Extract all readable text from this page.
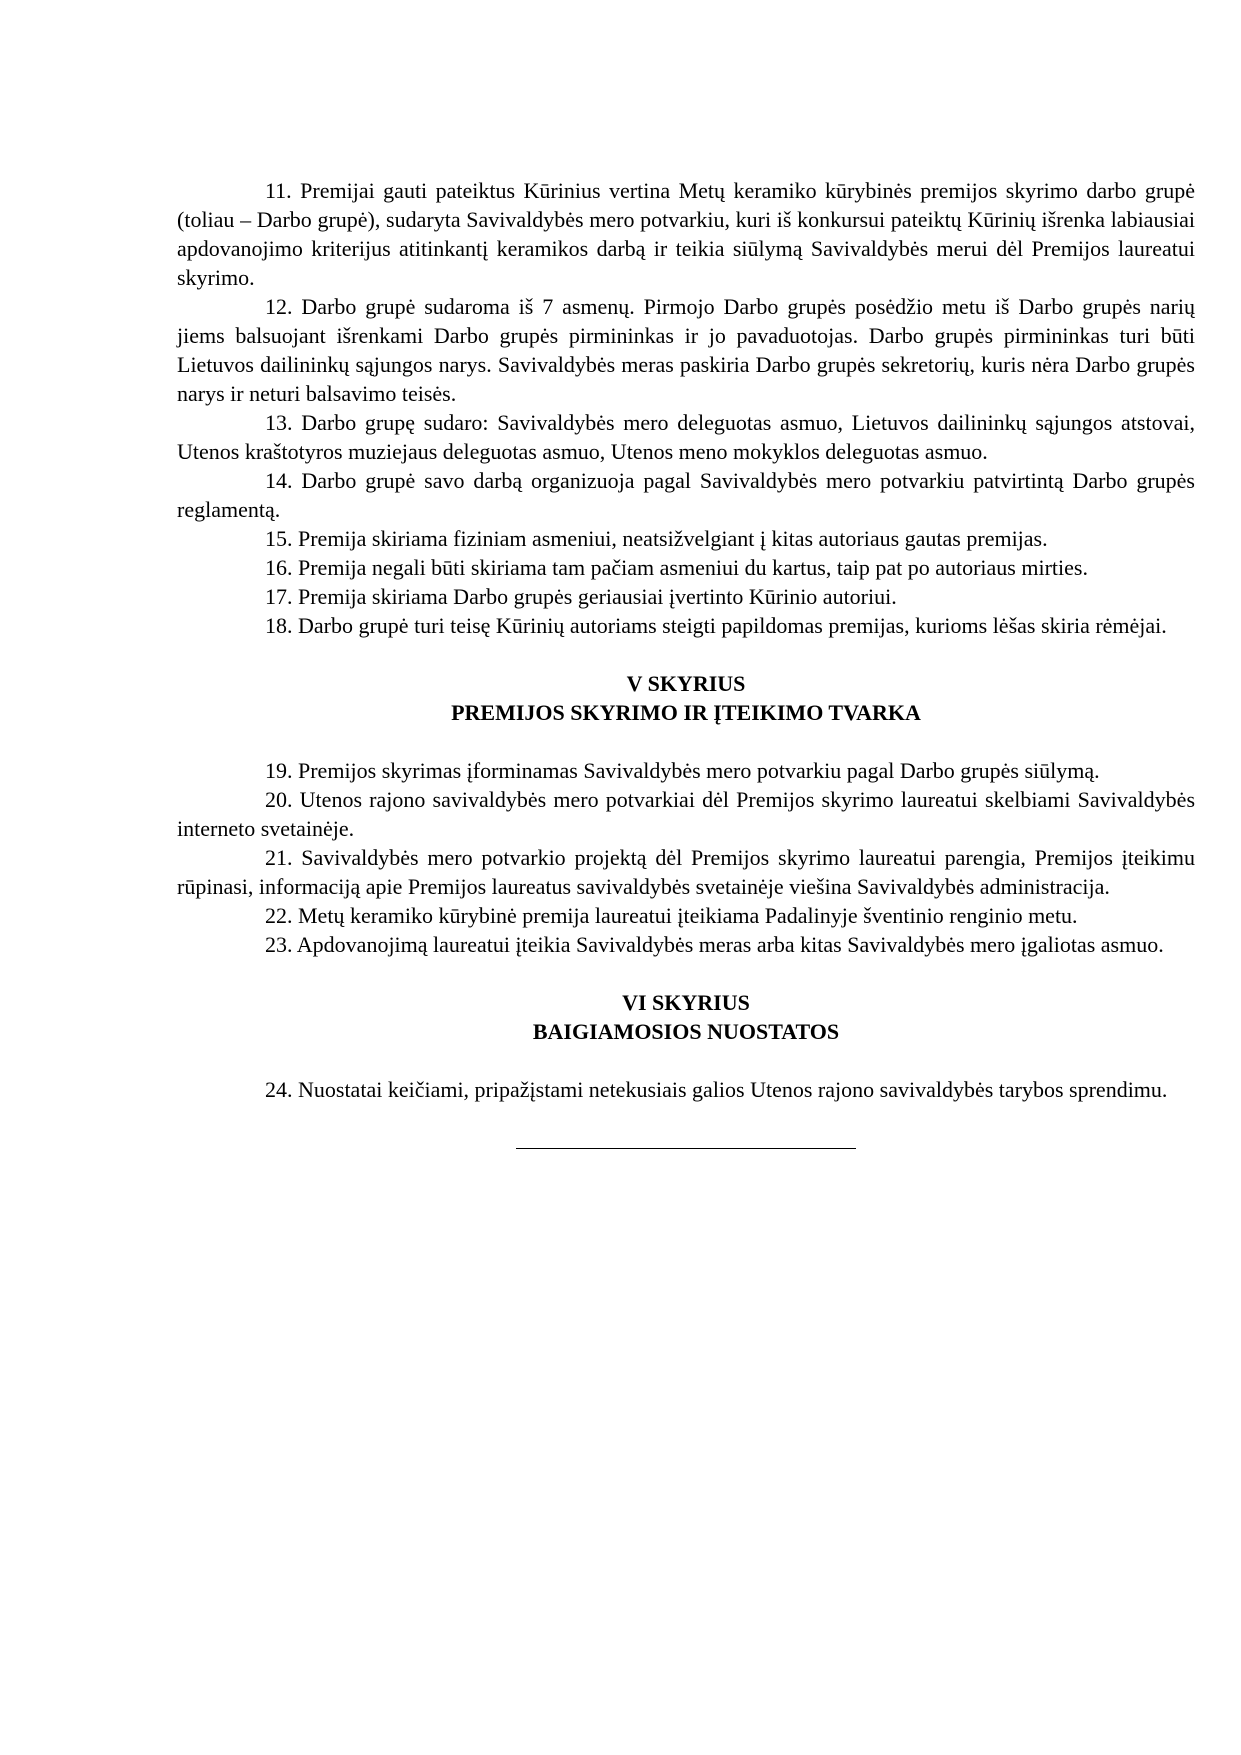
11. Premijai gauti pateiktus Kūrinius vertina Metų keramiko kūrybinės premijos skyrimo darbo grupė (toliau – Darbo grupė), sudaryta Savivaldybės mero potvarkiu, kuri iš konkursui pateiktų Kūrinių išrenka labiausiai apdovanojimo kriterijus atitinkantį keramikos darbą ir teikia siūlymą Savivaldybės merui dėl Premijos laureatui skyrimo.

12. Darbo grupė sudaroma iš 7 asmenų. Pirmojo Darbo grupės posėdžio metu iš Darbo grupės narių jiems balsuojant išrenkami Darbo grupės pirmininkas ir jo pavaduotojas. Darbo grupės pirmininkas turi būti Lietuvos dailininkų sąjungos narys. Savivaldybės meras paskiria Darbo grupės sekretorių, kuris nėra Darbo grupės narys ir neturi balsavimo teisės.

13. Darbo grupę sudaro: Savivaldybės mero deleguotas asmuo, Lietuvos dailininkų sąjungos atstovai, Utenos kraštotyros muziejaus deleguotas asmuo, Utenos meno mokyklos deleguotas asmuo.

14. Darbo grupė savo darbą organizuoja pagal Savivaldybės mero potvarkiu patvirtintą Darbo grupės reglamentą.

15. Premija skiriama fiziniam asmeniui, neatsižvelgiant į kitas autoriaus gautas premijas.

16. Premija negali būti skiriama tam pačiam asmeniui du kartus, taip pat po autoriaus mirties.

17. Premija skiriama Darbo grupės geriausiai įvertinto Kūrinio autoriui.

18. Darbo grupė turi teisę Kūrinių autoriams steigti papildomas premijas, kurioms lėšas skiria rėmėjai.

V SKYRIUS

PREMIJOS SKYRIMO IR ĮTEIKIMO TVARKA

19. Premijos skyrimas įforminamas Savivaldybės mero potvarkiu pagal Darbo grupės siūlymą.

20. Utenos rajono savivaldybės mero potvarkiai dėl Premijos skyrimo laureatui skelbiami Savivaldybės interneto svetainėje.

21. Savivaldybės mero potvarkio projektą dėl Premijos skyrimo laureatui parengia, Premijos įteikimu rūpinasi, informaciją apie Premijos laureatus savivaldybės svetainėje viešina Savivaldybės administracija.

22. Metų keramiko kūrybinė premija laureatui įteikiama Padalinyje šventinio renginio metu.

23. Apdovanojimą laureatui įteikia Savivaldybės meras arba kitas Savivaldybės mero įgaliotas asmuo.

VI SKYRIUS

BAIGIAMOSIOS NUOSTATOS

24. Nuostatai keičiami, pripažįstami netekusiais galios Utenos rajono savivaldybės tarybos sprendimu.
